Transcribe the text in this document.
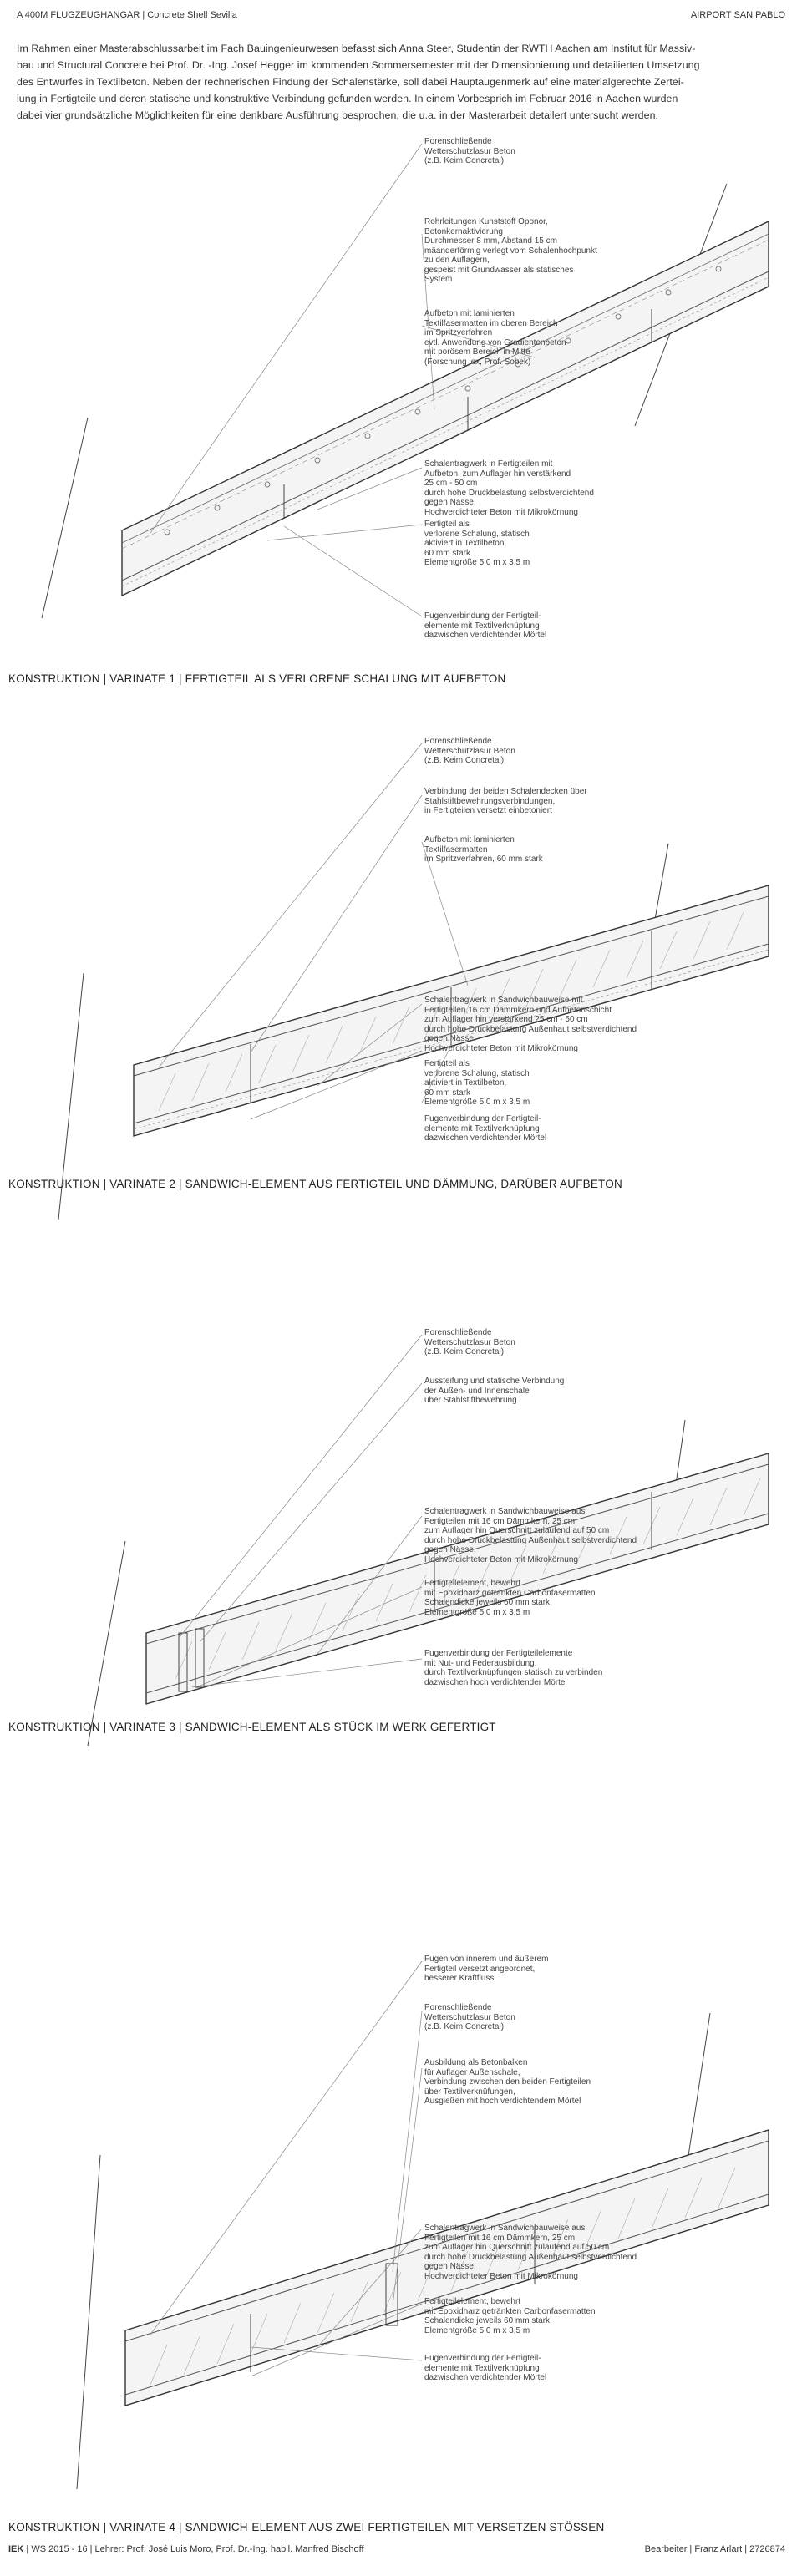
A 400M FLUGZEUGHANGAR | Concrete Shell Sevilla	AIRPORT SAN PABLO
Im Rahmen einer Masterabschlussarbeit im Fach Bauingenieurwesen befasst sich Anna Steer, Studentin der RWTH Aachen am Institut für Massiv-
bau und Structural Concrete bei Prof. Dr. -Ing. Josef Hegger im kommenden Sommersemester mit der Dimensionierung und detailierten Umsetzung
des Entwurfes in Textilbeton. Neben der rechnerischen Findung der Schalenstärke, soll dabei Hauptaugenmerk auf eine materialgerechte Zertei-
lung in Fertigteile und deren statische und konstruktive Verbindung gefunden werden. In einem Vorbesprich im Februar 2016 in Aachen wurden
dabei vier grundsätzliche Möglichkeiten für eine denkbare Ausführung besprochen, die u.a. in der Masterarbeit detailert untersucht werden.
Porenschließende
Wetterschutzlasur Beton
(z.B. Keim Concretal)
Rohrleitungen Kunststoff Oponor,
Betonkernaktivierung
Durchmesser 8 mm, Abstand 15 cm
mäanderförmig verlegt vom Schalenhochpunkt
zu den Auflagern,
gespeist mit Grundwasser als statisches
System
Aufbeton mit laminierten
Textilfasermatten im oberen Bereich
im Spritzverfahren
evtl. Anwendung von Gradientenbeton
mit porösem Bereich in Mitte
(Forschung iex, Prof. Sobek)
Schalentragwerk in Fertigteilen mit
Aufbeton, zum Auflager hin verstärkend
25 cm - 50 cm
durch hohe Druckbelastung selbstverdichtend
gegen Nässe,
Hochverdichteter Beton mit Mikrokörnung
Fertigteil als
verlorene Schalung, statisch
aktiviert in Textilbeton,
60 mm stark
Elementgröße 5,0 m x 3,5 m
Fugenverbindung der Fertigteil-
elemente mit Textilverknüpfung
dazwischen verdichtender Mörtel
KONSTRUKTION | VARINATE 1 | FERTIGTEIL ALS VERLORENE SCHALUNG MIT AUFBETON
Porenschließende
Wetterschutzlasur Beton
(z.B. Keim Concretal)
Verbindung der beiden Schalendecken über
Stahlstiftbewehrungsverbindungen,
in Fertigteilen versetzt einbetoniert
Aufbeton mit laminierten
Textilfasermatten
im Spritzverfahren, 60 mm stark
Schalentragwerk in Sandwichbauweise mit
Fertigteilen,16 cm Dämmkern und Aufbetonschicht
zum Auflager hin verstärkend 25 cm - 50 cm
durch hohe Druckbelastung Außenhaut selbstverdichtend
gegen Nässe,
Hochverdichteter Beton mit Mikrokörnung
Fertigteil als
verlorene Schalung, statisch
aktiviert in Textilbeton,
60 mm stark
Elementgröße 5,0 m x 3,5 m
Fugenverbindung der Fertigteil-
elemente mit Textilverknüpfung
dazwischen verdichtender Mörtel
KONSTRUKTION | VARINATE 2 | SANDWICH-ELEMENT AUS FERTIGTEIL UND DÄMMUNG, DARÜBER AUFBETON
Porenschließende
Wetterschutzlasur Beton
(z.B. Keim Concretal)
Aussteifung und statische Verbindung
der Außen- und Innenschale
über Stahlstiftbewehrung
Schalentragwerk in Sandwichbauweise aus
Fertigteilen mit 16 cm Dämmkern, 25 cm
zum Auflager hin Querschnitt zulaufend auf 50 cm
durch hohe Druckbelastung Außenhaut selbstverdichtend
gegen Nässe,
Hochverdichteter Beton mit Mikrokörnung
Fertigteilelement, bewehrt
mit Epoxidharz getränkten Carbonfasermatten
Schalendicke jeweils 60 mm stark
Elementgröße 5,0 m x 3,5 m
Fugenverbindung der Fertigteilelemente
mit Nut- und Federausbildung,
durch Textilverknüpfungen statisch zu verbinden
dazwischen hoch verdichtender Mörtel
KONSTRUKTION | VARINATE 3 | SANDWICH-ELEMENT ALS STÜCK IM WERK GEFERTIGT
Fugen von innerem und äußerem
Fertigteil versetzt angeordnet,
besserer Kraftfluss
Porenschließende
Wetterschutzlasur Beton
(z.B. Keim Concretal)
Ausbildung als Betonbalken
für Auflager Außenschale,
Verbindung zwischen den beiden Fertigteilen
über Textilverknüfungen,
Ausgießen mit hoch verdichtendem Mörtel
Schalentragwerk in Sandwichbauweise aus
Fertigteilen mit 16 cm Dämmkern, 25 cm
zum Auflager hin Querschnitt zulaufend auf 50 cm
durch hohe Druckbelastung Außenhaut selbstverdichtend
gegen Nässe,
Hochverdichteter Beton mit Mikrokörnung
Fertigteilelement, bewehrt
mit Epoxidharz getränkten Carbonfasermatten
Schalendicke jeweils 60 mm stark
Elementgröße 5,0 m x 3,5 m
Fugenverbindung der Fertigteil-
elemente mit Textilverknüpfung
dazwischen verdichtender Mörtel
KONSTRUKTION | VARINATE 4 | SANDWICH-ELEMENT AUS ZWEI FERTIGTEILEN MIT VERSETZEN STÖSSEN
IEK | WS 2015 - 16 | Lehrer: Prof. José Luis Moro, Prof. Dr.-Ing. habil. Manfred Bischoff	Bearbeiter | Franz Arlart | 2726874
